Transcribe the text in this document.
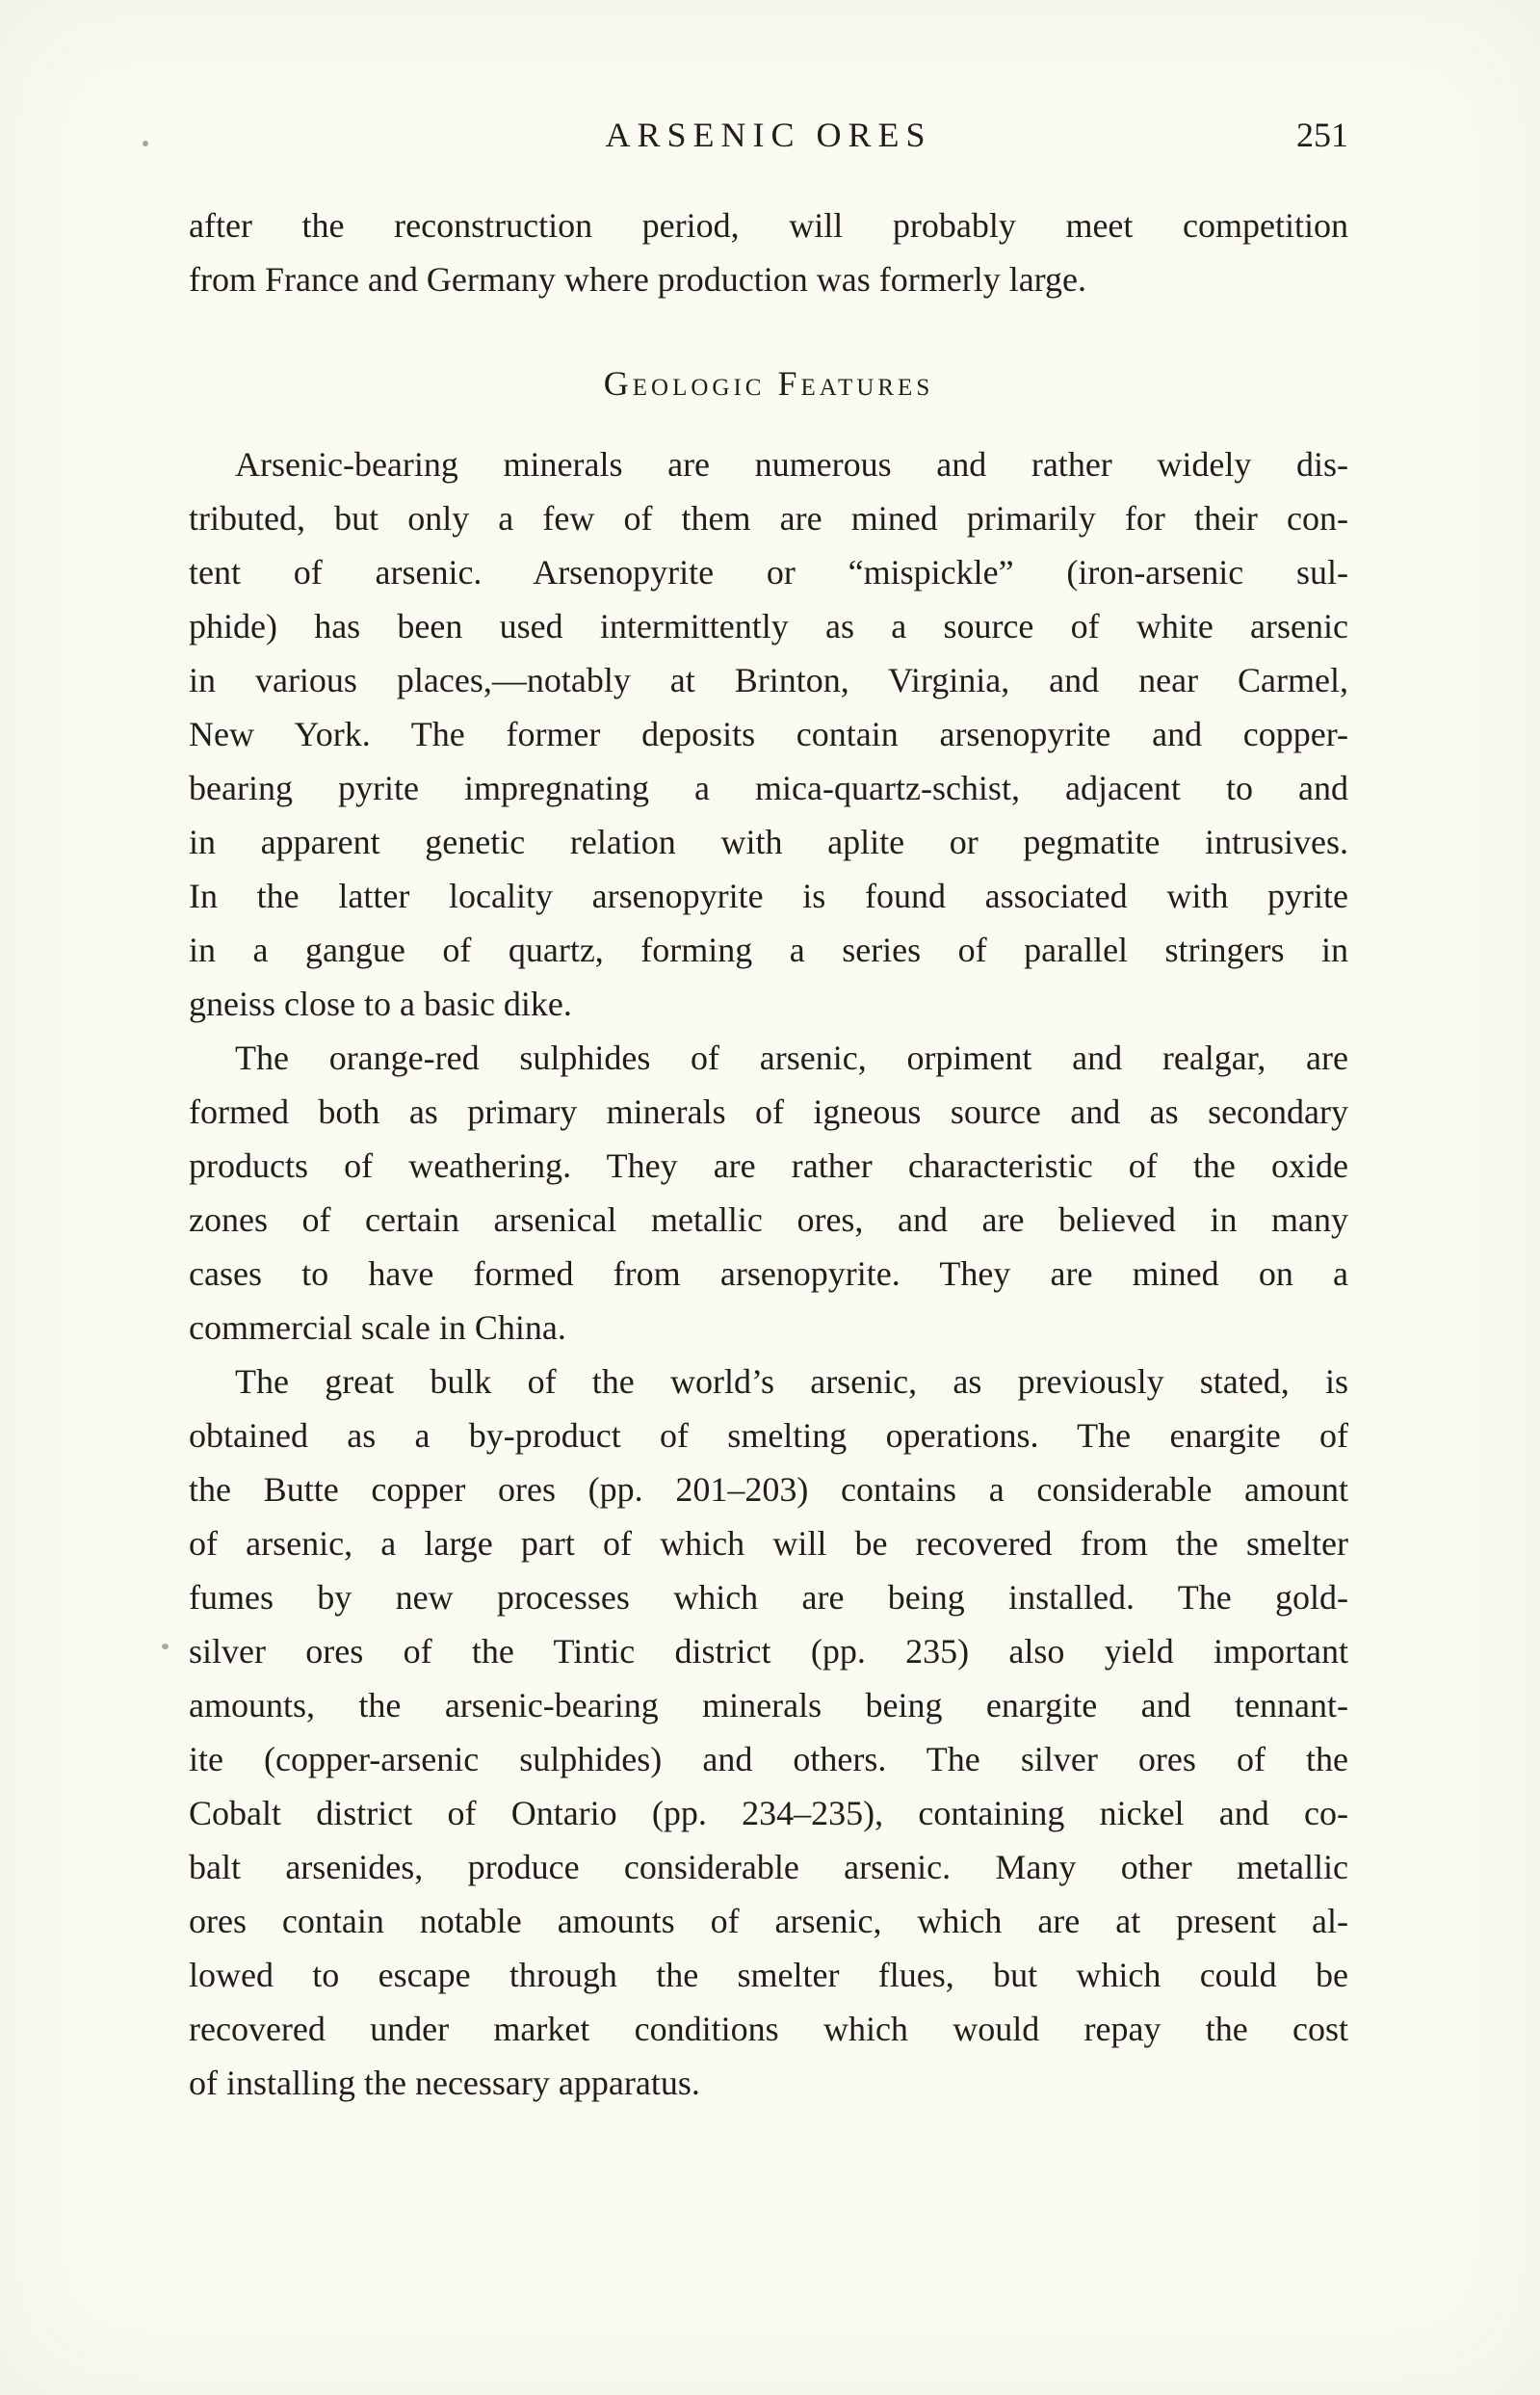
ARSENIC ORES	251
after the reconstruction period, will probably meet competition
from France and Germany where production was formerly large.
Geologic Features
Arsenic-bearing minerals are numerous and rather widely dis-
tributed, but only a few of them are mined primarily for their con-
tent of arsenic. Arsenopyrite or “mispickle” (iron-arsenic sul-
phide) has been used intermittently as a source of white arsenic
in various places,—notably at Brinton, Virginia, and near Carmel,
New York. The former deposits contain arsenopyrite and copper-
bearing pyrite impregnating a mica-quartz-schist, adjacent to and
in apparent genetic relation with aplite or pegmatite intrusives.
In the latter locality arsenopyrite is found associated with pyrite
in a gangue of quartz, forming a series of parallel stringers in
gneiss close to a basic dike.
The orange-red sulphides of arsenic, orpiment and realgar, are
formed both as primary minerals of igneous source and as secondary
products of weathering. They are rather characteristic of the oxide
zones of certain arsenical metallic ores, and are believed in many
cases to have formed from arsenopyrite. They are mined on a
commercial scale in China.
The great bulk of the world’s arsenic, as previously stated, is
obtained as a by-product of smelting operations. The enargite of
the Butte copper ores (pp. 201–203) contains a considerable amount
of arsenic, a large part of which will be recovered from the smelter
fumes by new processes which are being installed. The gold-
silver ores of the Tintic district (pp. 235) also yield important
amounts, the arsenic-bearing minerals being enargite and tennant-
ite (copper-arsenic sulphides) and others. The silver ores of the
Cobalt district of Ontario (pp. 234–235), containing nickel and co-
balt arsenides, produce considerable arsenic. Many other metallic
ores contain notable amounts of arsenic, which are at present al-
lowed to escape through the smelter flues, but which could be
recovered under market conditions which would repay the cost
of installing the necessary apparatus.
